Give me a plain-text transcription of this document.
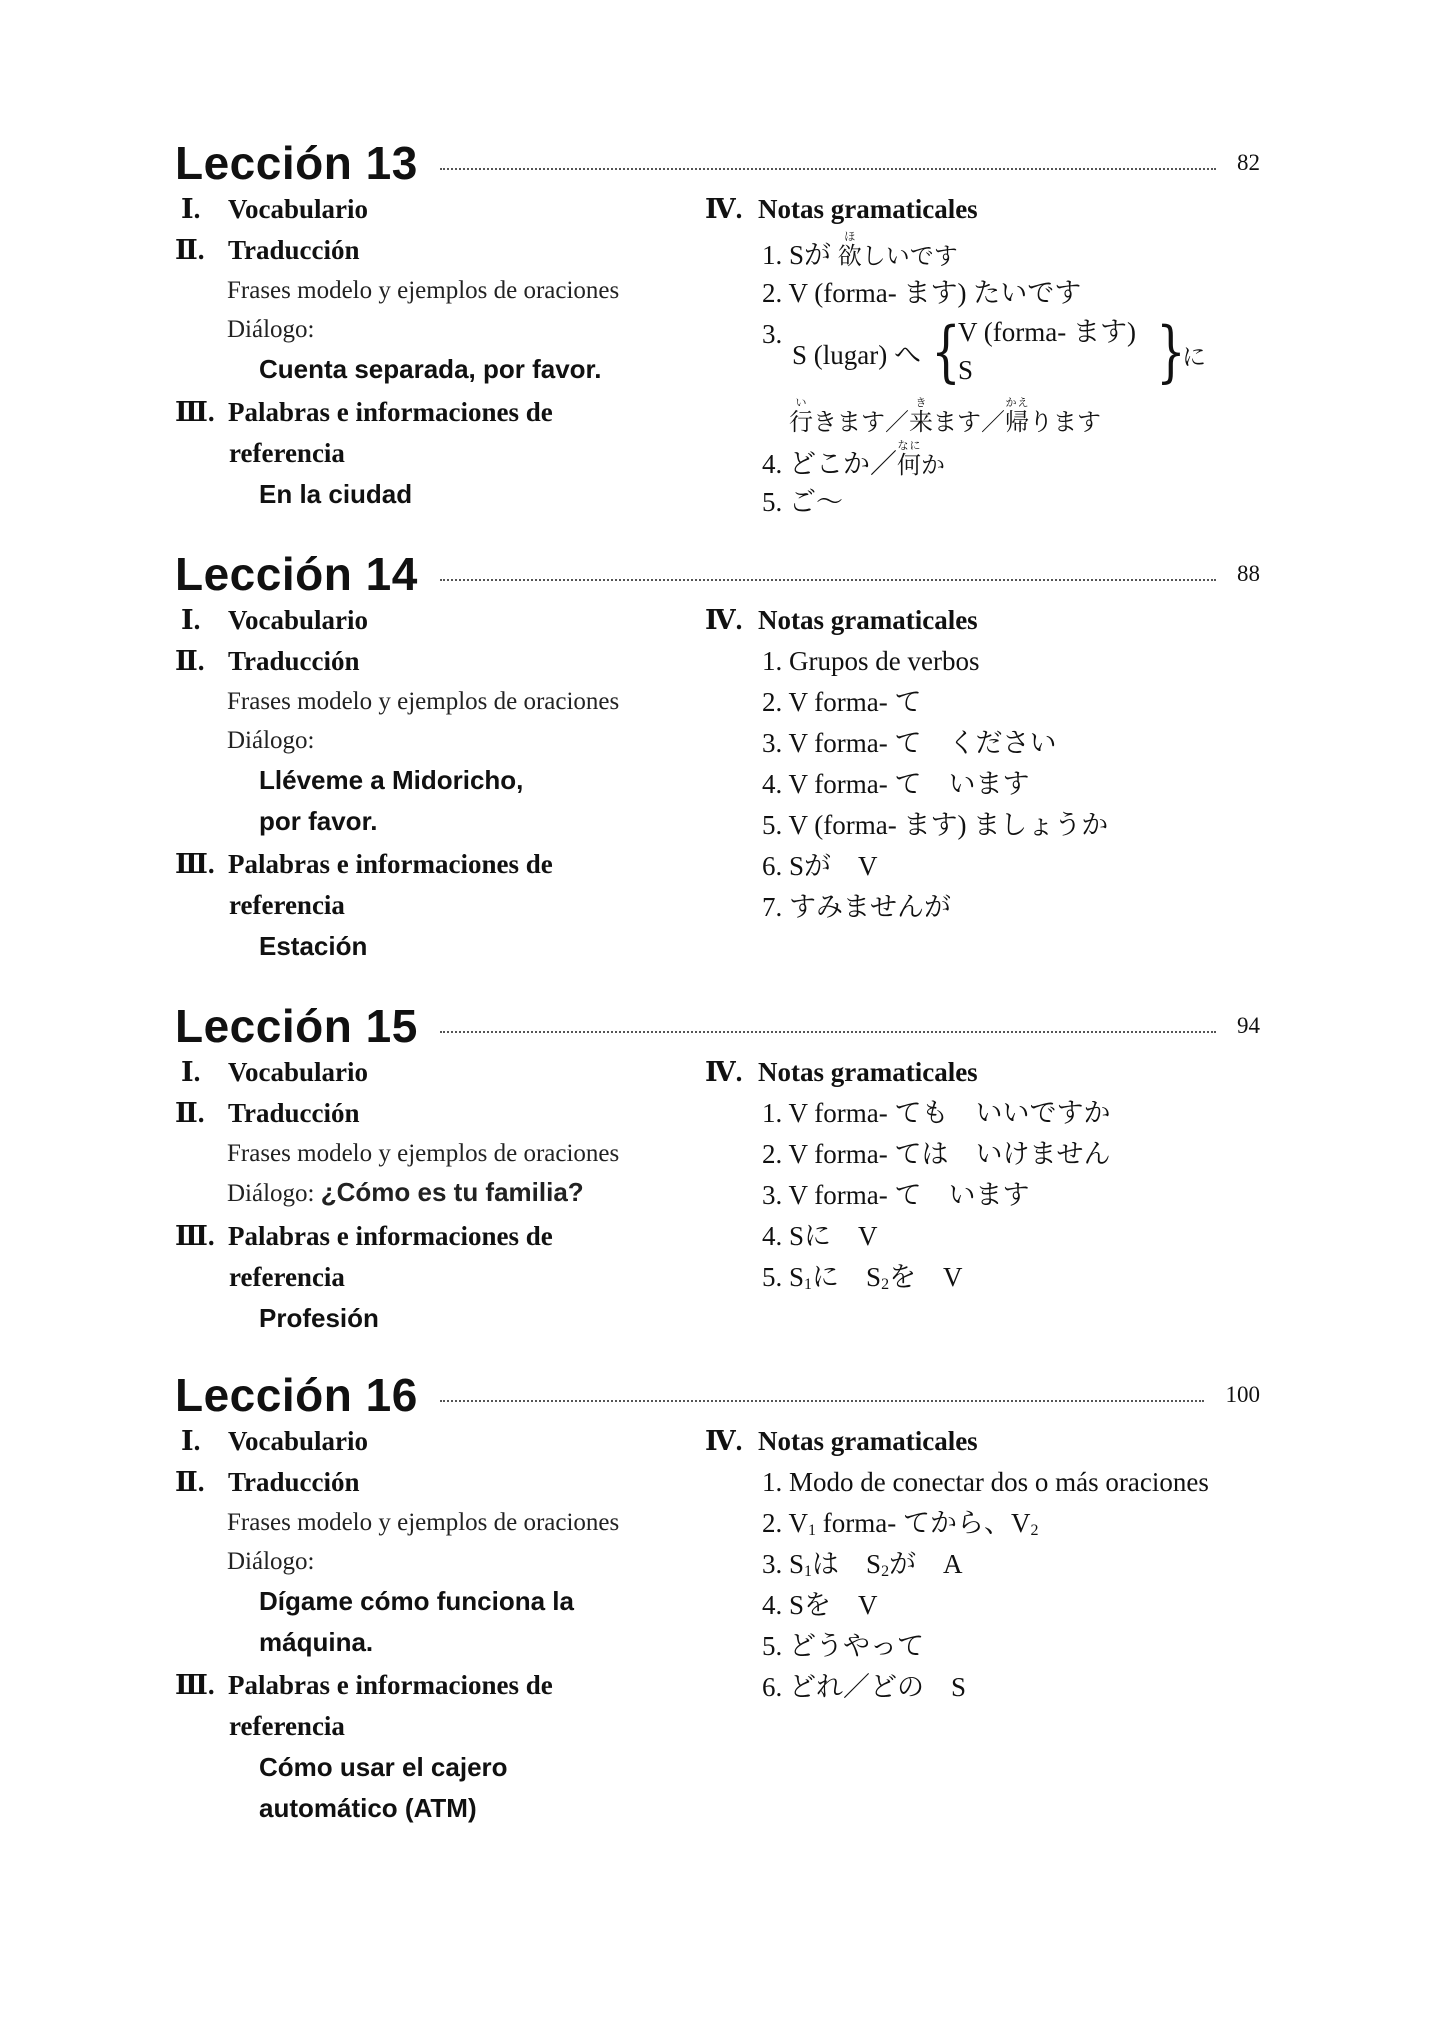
Lección 13	82
Ⅰ.	Vocabulario
Ⅱ. Traducción
Frases modelo y ejemplos de oraciones
Diálogo:
Cuenta separada, por favor.
Ⅲ. Palabras e informaciones de
referencia
En la ciudad
Ⅳ. Notas gramaticales
1. Sが 欲ほしいです
2. V (forma- ます) たいです
3.
S (lugar) へ {
V (forma- ます)
S	}
に
行いきます／来きます／帰かえります
4. どこか／何なにか
5. ご～
Lección 14	88
Ⅰ.	Vocabulario
Ⅱ. Traducción
Frases modelo y ejemplos de oraciones
Diálogo:
Lléveme a Midoricho,
por favor.
Ⅲ. Palabras e informaciones de
referencia
Estación
Ⅳ. Notas gramaticales
1. Grupos de verbos
2. V forma- て
3. V forma- て　ください
4. V forma- て　います
5. V (forma- ます) ましょうか
6. Sが　V
7. すみませんが
Lección 15	94
Ⅰ.	Vocabulario
Ⅱ. Traducción
Frases modelo y ejemplos de oraciones
Diálogo: ¿Cómo es tu familia?
Ⅲ. Palabras e informaciones de
referencia
Profesión
Ⅳ. Notas gramaticales
1. V forma- ても　いいですか
2. V forma- ては　いけません
3. V forma- て　います
4. Sに　V
5. $S_1$に　$S_2$を　V
Lección 16	100
Ⅰ.	Vocabulario
Ⅱ. Traducción
Frases modelo y ejemplos de oraciones
Diálogo:
Dígame cómo funciona la
máquina.
Ⅲ. Palabras e informaciones de
referencia
Cómo usar el cajero
automático (ATM)
Ⅳ. Notas gramaticales
1. Modo de conectar dos o más oraciones
2. $V_1$ forma- てから、$V_2$
3. $S_1$は　$S_2$が　A
4. Sを　V
5. どうやって
6. どれ／どの　S
